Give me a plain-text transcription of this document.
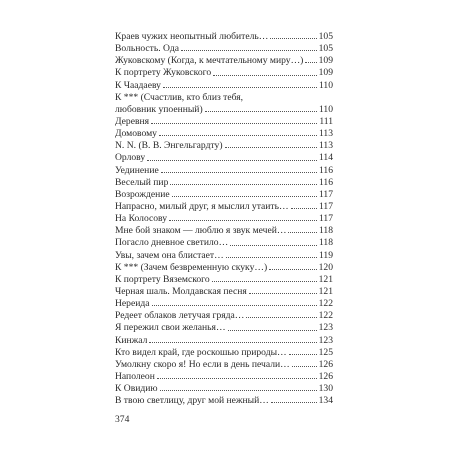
Краев чужих неопытный любитель…	105
Вольность. Ода	105
Жуковскому (Когда, к мечтательному миру…) 109
К портрету Жуковского	109
К Чаадаеву	110
К *** (Счастлив, кто близ тебя,
любовник упоенный)	110
Деревня	111
Домовому	113
N. N. (В. В. Энгельгардту)	113
Орлову	114
Уединение	116
Веселый пир	116
Возрождение	117
Напрасно, милый друг, я мыслил утаить…	117
На Колосову	117
Мне бой знаком — люблю я звук мечей…	118
Погасло дневное светило…	118
Увы, зачем она блистает…	119
К *** (Зачем безвременную скуку…)	120
К портрету Вяземского	121
Черная шаль. Молдавская песня	121
Нереида	122
Редеет облаков летучая гряда…	122
Я пережил свои желанья…	123
Кинжал	123
Кто видел край, где роскошью природы…	125
Умолкну скоро я! Но если в день печали…	126
Наполеон	126
К Овидию	130
В твою светлицу, друг мой нежный…	134
374
